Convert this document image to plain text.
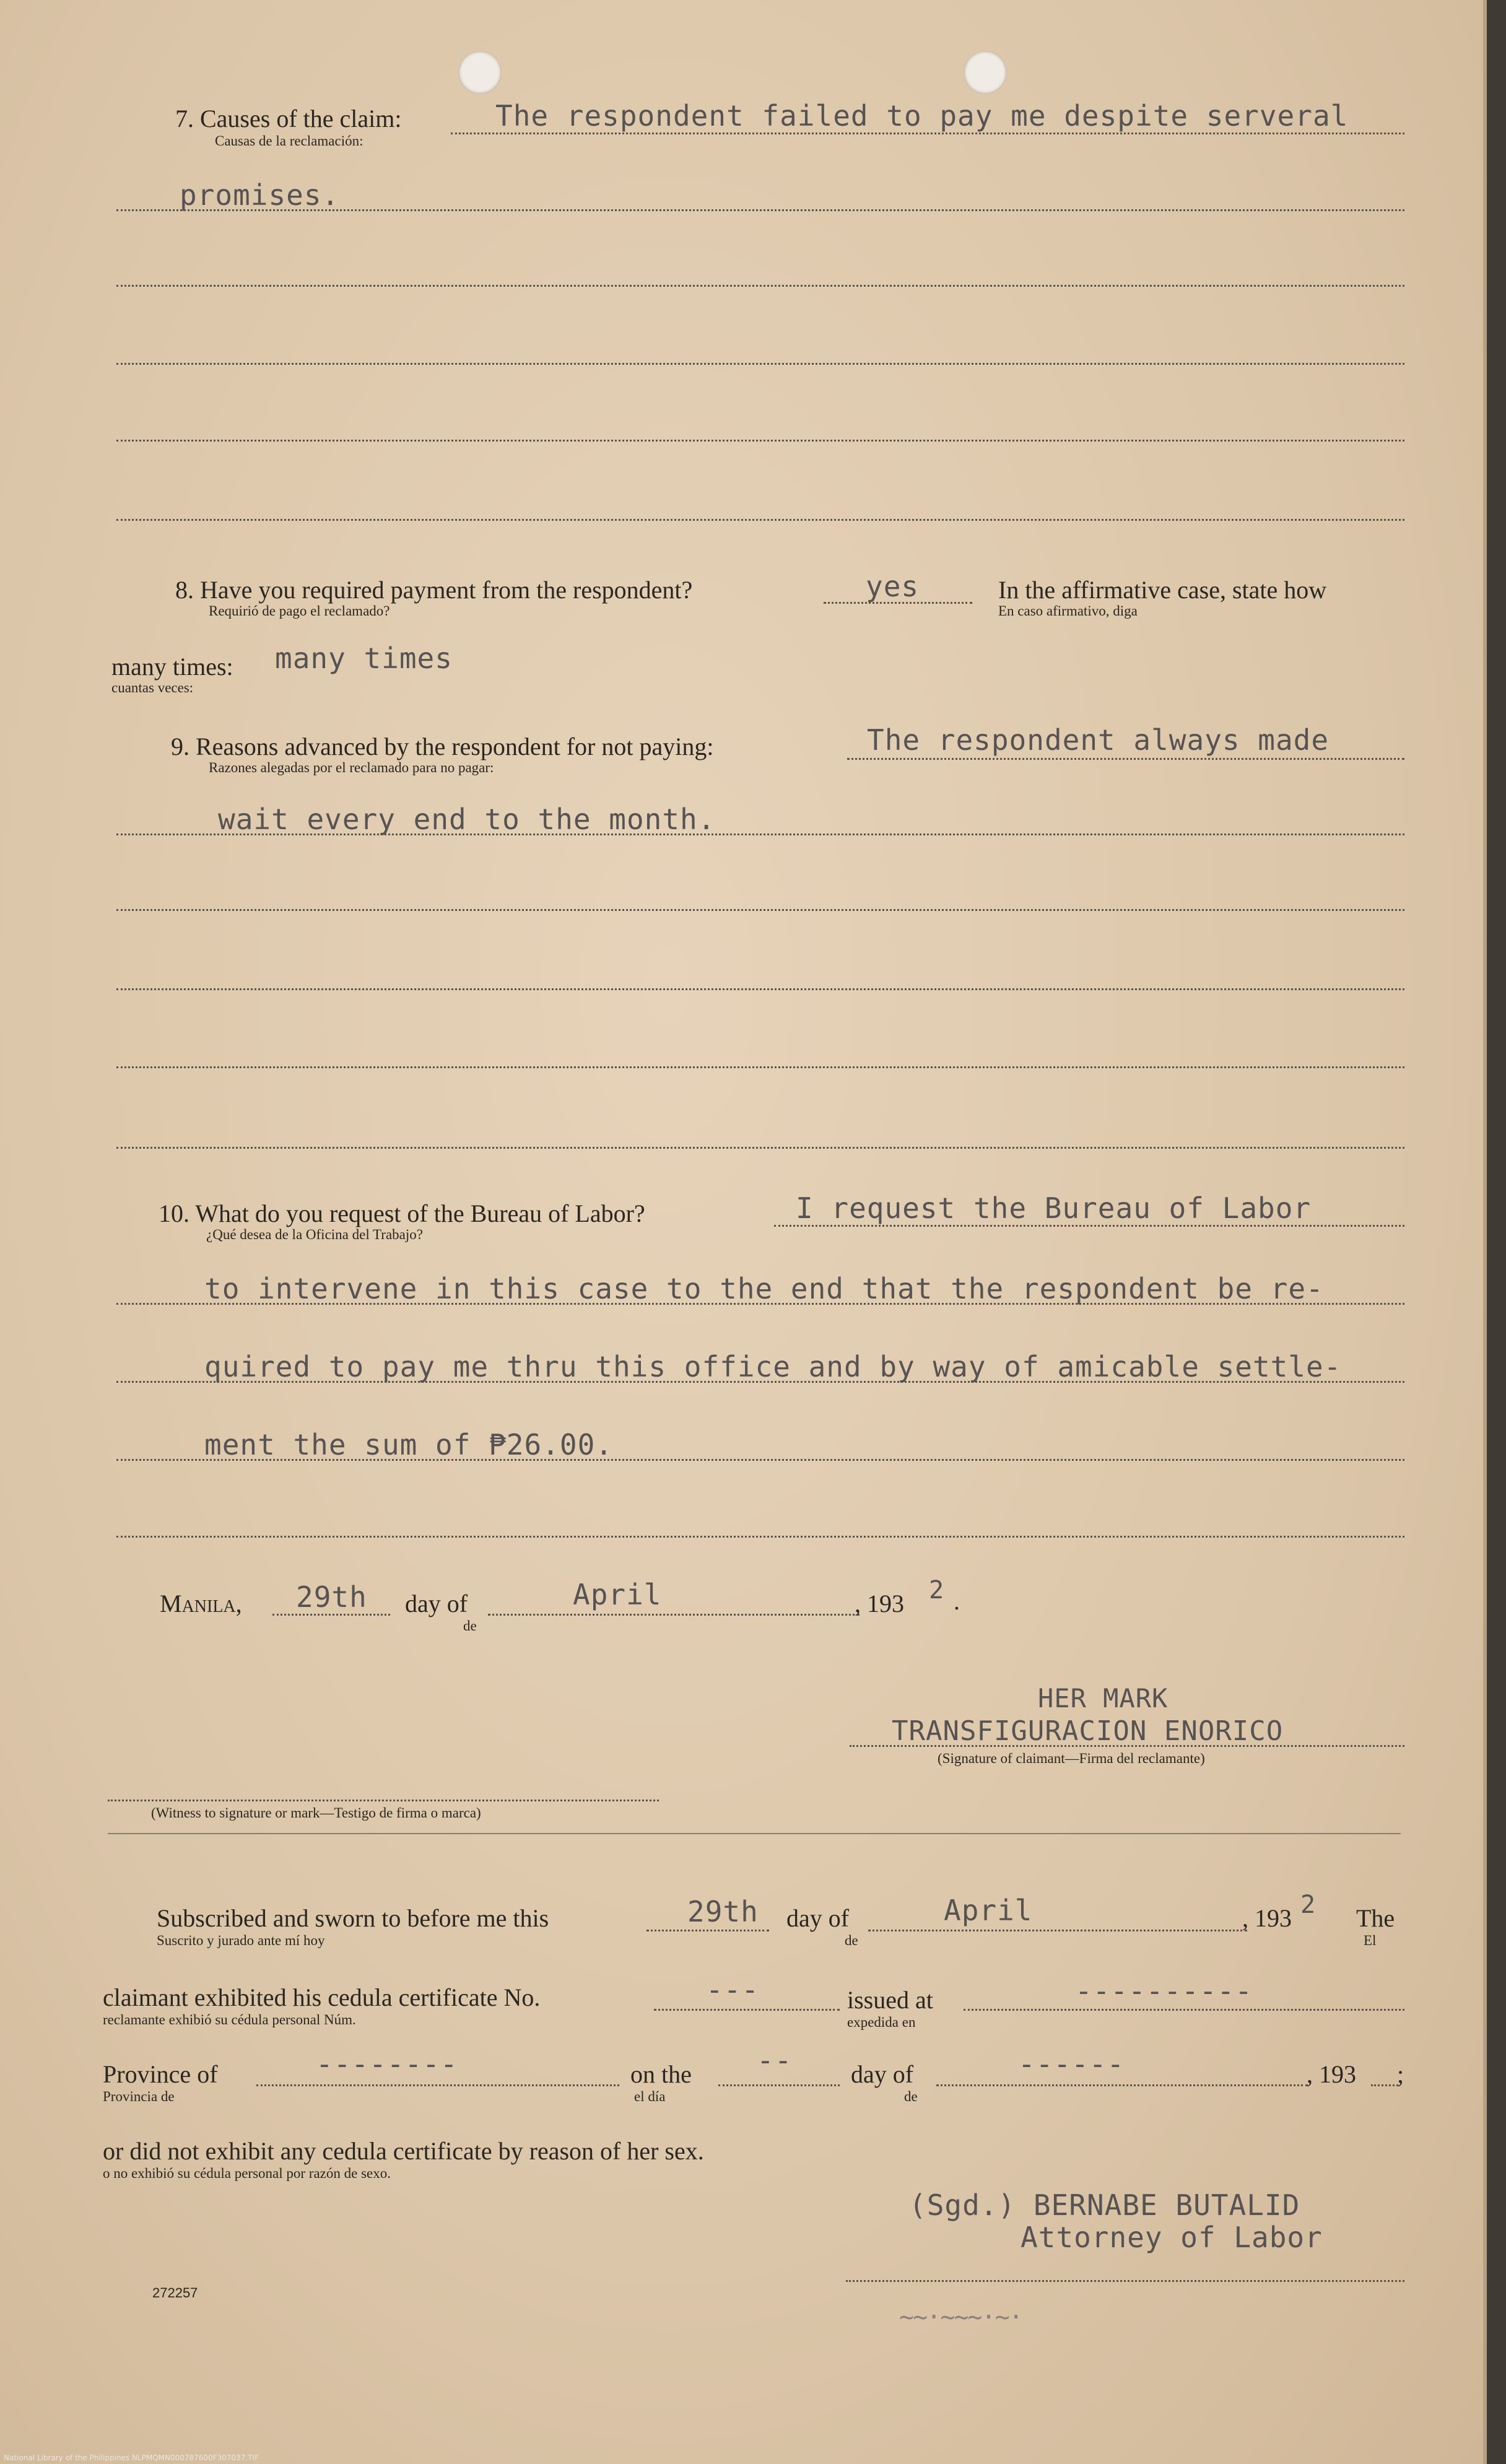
7. Causes of the claim:
Causas de la reclamación:
The respondent failed to pay me despite serveral
promises.
8. Have you required payment from the respondent?
Requirió de pago el reclamado?
yes	In the affirmative case, state how
En caso afirmativo, diga
many times:
cuantas veces:
many times
9. Reasons advanced by the respondent for not paying:
Razones alegadas por el reclamado para no pagar:
The respondent always made
wait every end to the month.
10. What do you request of the Bureau of Labor?
¿Qué desea de la Oficina del Trabajo?
I request the Bureau of Labor
to intervene in this case to the end that the respondent be re-
quired to pay me thru this office and by way of amicable settle-
ment the sum of ₱26.00.
Manila, 29th day of
de
April	, 193 2 .
HER MARK
TRANSFIGURACION ENORICO
(Signature of claimant—Firma del reclamante)
(Witness to signature or mark—Testigo de firma o marca)
Subscribed and sworn to before me this
Suscrito y jurado ante mí hoy
29th day of
de
April	, 193 2 The
El
claimant exhibited his cedula certificate No.
reclamante exhibió su cédula personal Núm.
---	issued at
expedida en
----------
Province of
Provincia de
--------	on the
el día
-- day of
de
------	, 193 ;
or did not exhibit any cedula certificate by reason of her sex.
o no exhibió su cédula personal por razón de sexo.
(Sgd.) BERNABE BUTALID
Attorney of Labor
~~·~~~·~·
272257
National Library of the Philippines NLPMQMN000787600F307037.TIF
